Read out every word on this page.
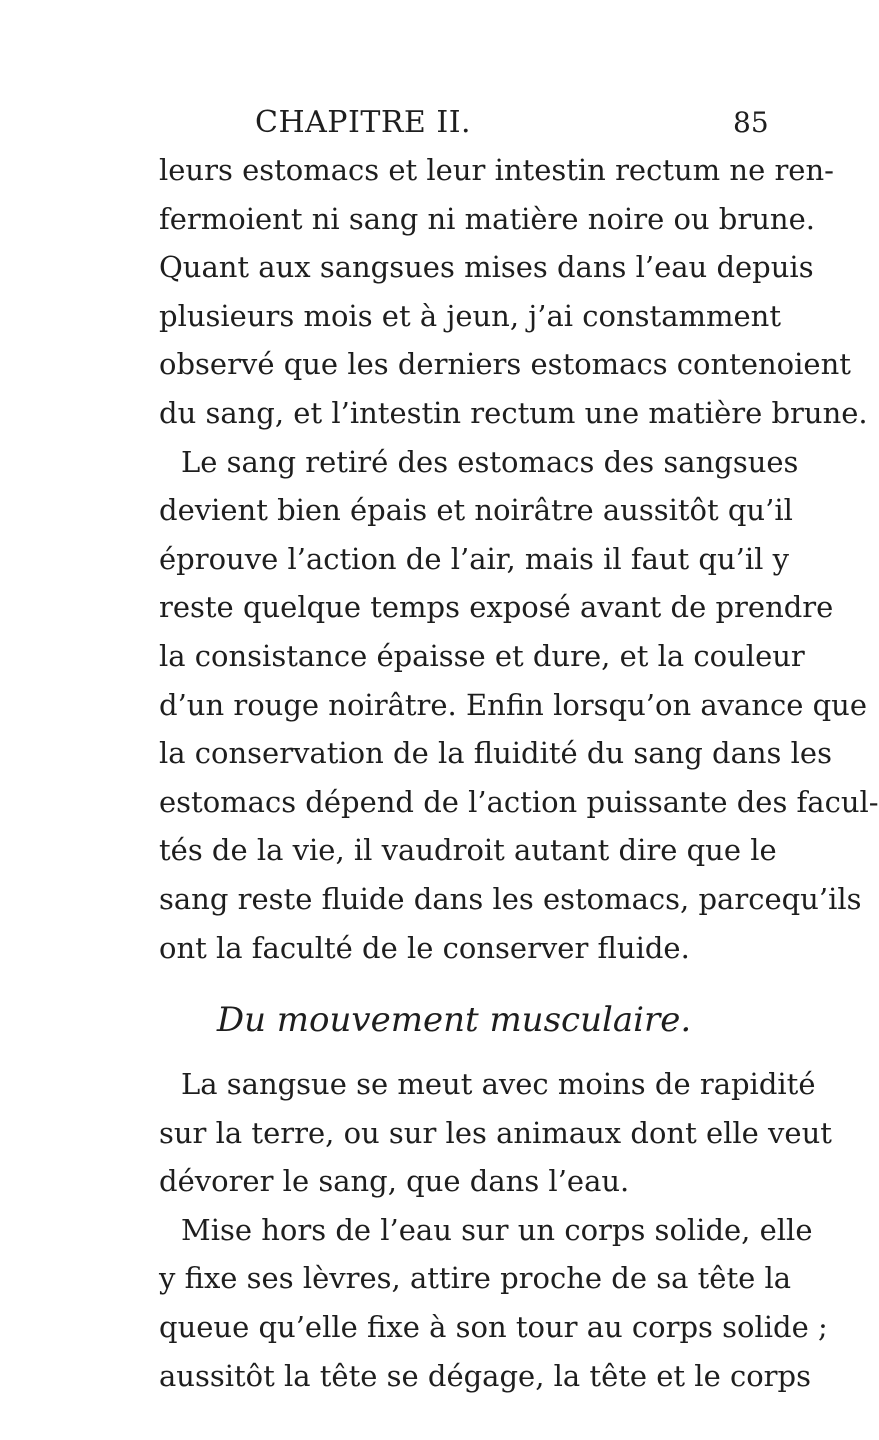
CHAPITRE II.	85
leurs estomacs et leur intestin rectum ne ren-
fermoient ni sang ni matière noire ou brune.
Quant aux sangsues mises dans l’eau depuis
plusieurs mois et à jeun, j’ai constamment
observé que les derniers estomacs contenoient
du sang, et l’intestin rectum une matière brune.
Le sang retiré des estomacs des sangsues
devient bien épais et noirâtre aussitôt qu’il
éprouve l’action de l’air, mais il faut qu’il y
reste quelque temps exposé avant de prendre
la consistance épaisse et dure, et la couleur
d’un rouge noirâtre. Enfin lorsqu’on avance que
la conservation de la fluidité du sang dans les
estomacs dépend de l’action puissante des facul-
tés de la vie, il vaudroit autant dire que le
sang reste fluide dans les estomacs, parcequ’ils
ont la faculté de le conserver fluide.
Du mouvement musculaire.
La sangsue se meut avec moins de rapidité
sur la terre, ou sur les animaux dont elle veut
dévorer le sang, que dans l’eau.
Mise hors de l’eau sur un corps solide, elle
y fixe ses lèvres, attire proche de sa tête la
queue qu’elle fixe à son tour au corps solide ;
aussitôt la tête se dégage, la tête et le corps
